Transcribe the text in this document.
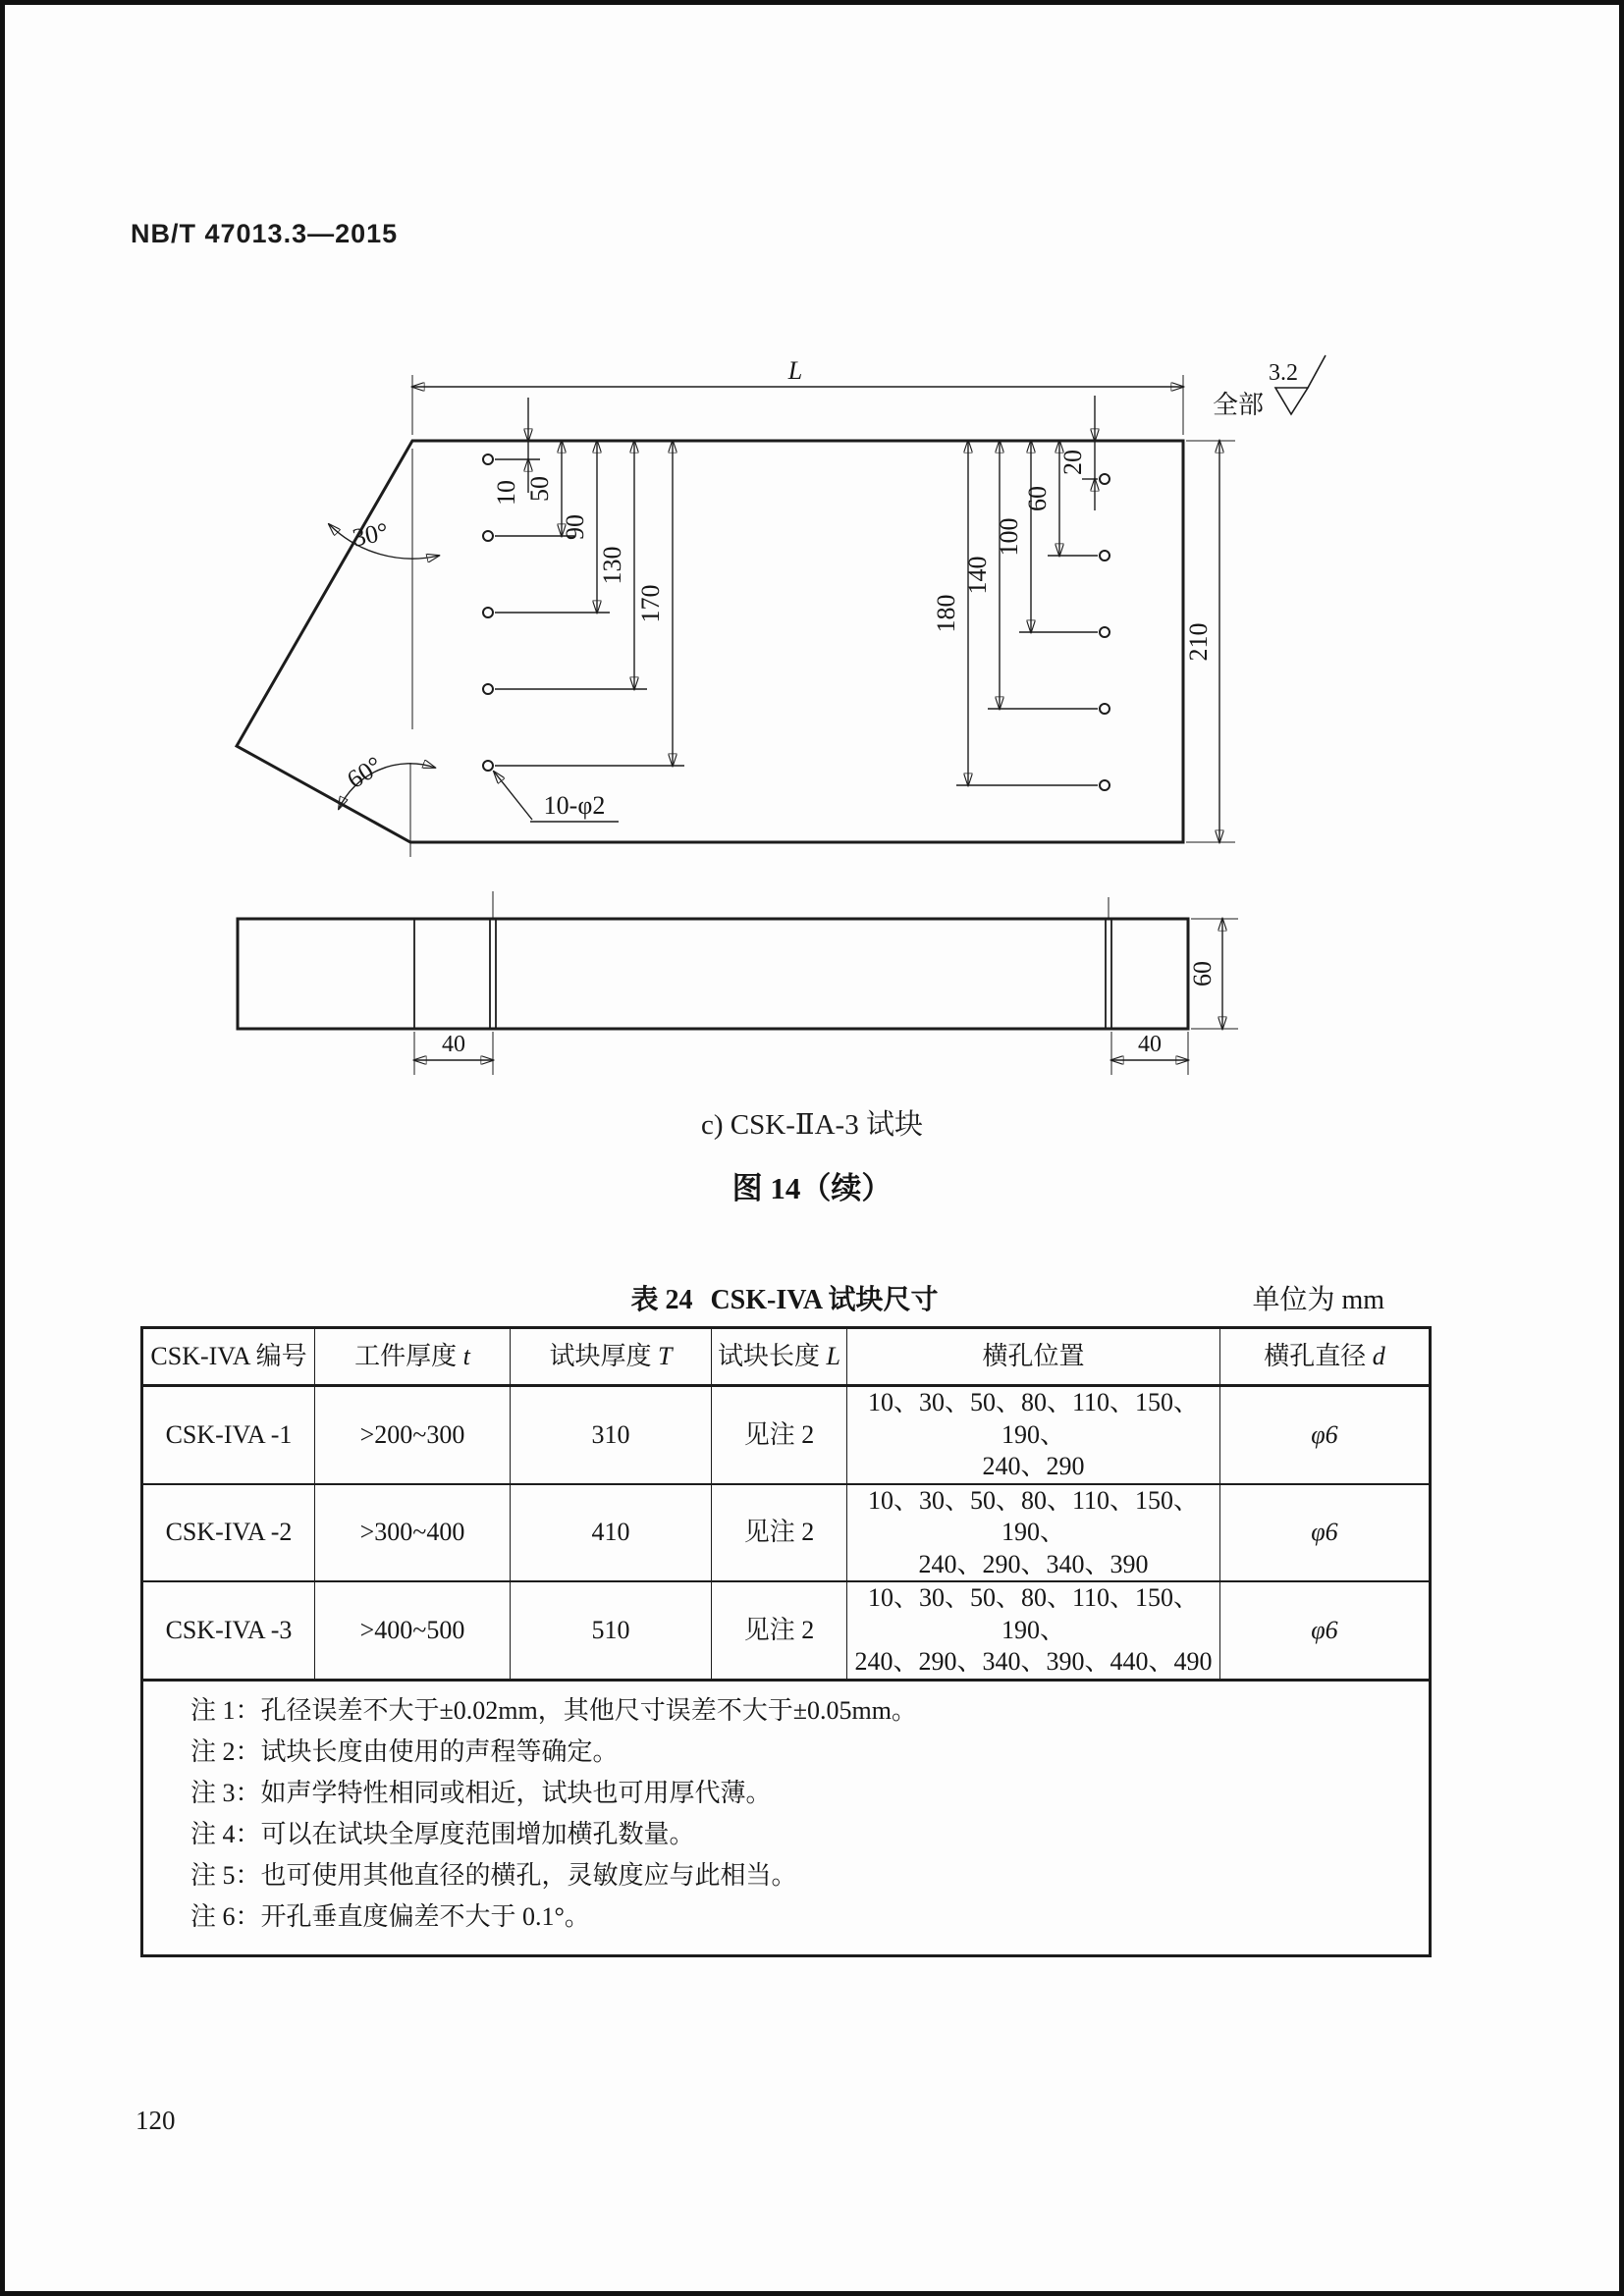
NB/T 47013.3—2015
L
10 50
90
130
170
20
60
100
140
180
210
30°
60°
10-φ2
全部
3.2
40	40
60
c) CSK-ⅡA-3 试块
图 14（续）
表 24 CSK-IVA 试块尺寸	单位为 mm
CSK-IVA 编号	工件厚度 t	试块厚度 T	试块长度 L	横孔位置	横孔直径 d
CSK-IVA -1	>200~300	310	见注 2	10、30、50、80、110、150、190、
240、290	φ6
CSK-IVA -2	>300~400	410	见注 2	10、30、50、80、110、150、190、
240、290、340、390	φ6
CSK-IVA -3	>400~500	510	见注 2	10、30、50、80、110、150、190、
240、290、340、390、440、490	φ6

注 1：孔径误差不大于±0.02mm，其他尺寸误差不大于±0.05mm。

注 2：试块长度由使用的声程等确定。

注 3：如声学特性相同或相近，试块也可用厚代薄。

注 4：可以在试块全厚度范围增加横孔数量。

注 5：也可使用其他直径的横孔，灵敏度应与此相当。

注 6：开孔垂直度偏差不大于 0.1°。

120
